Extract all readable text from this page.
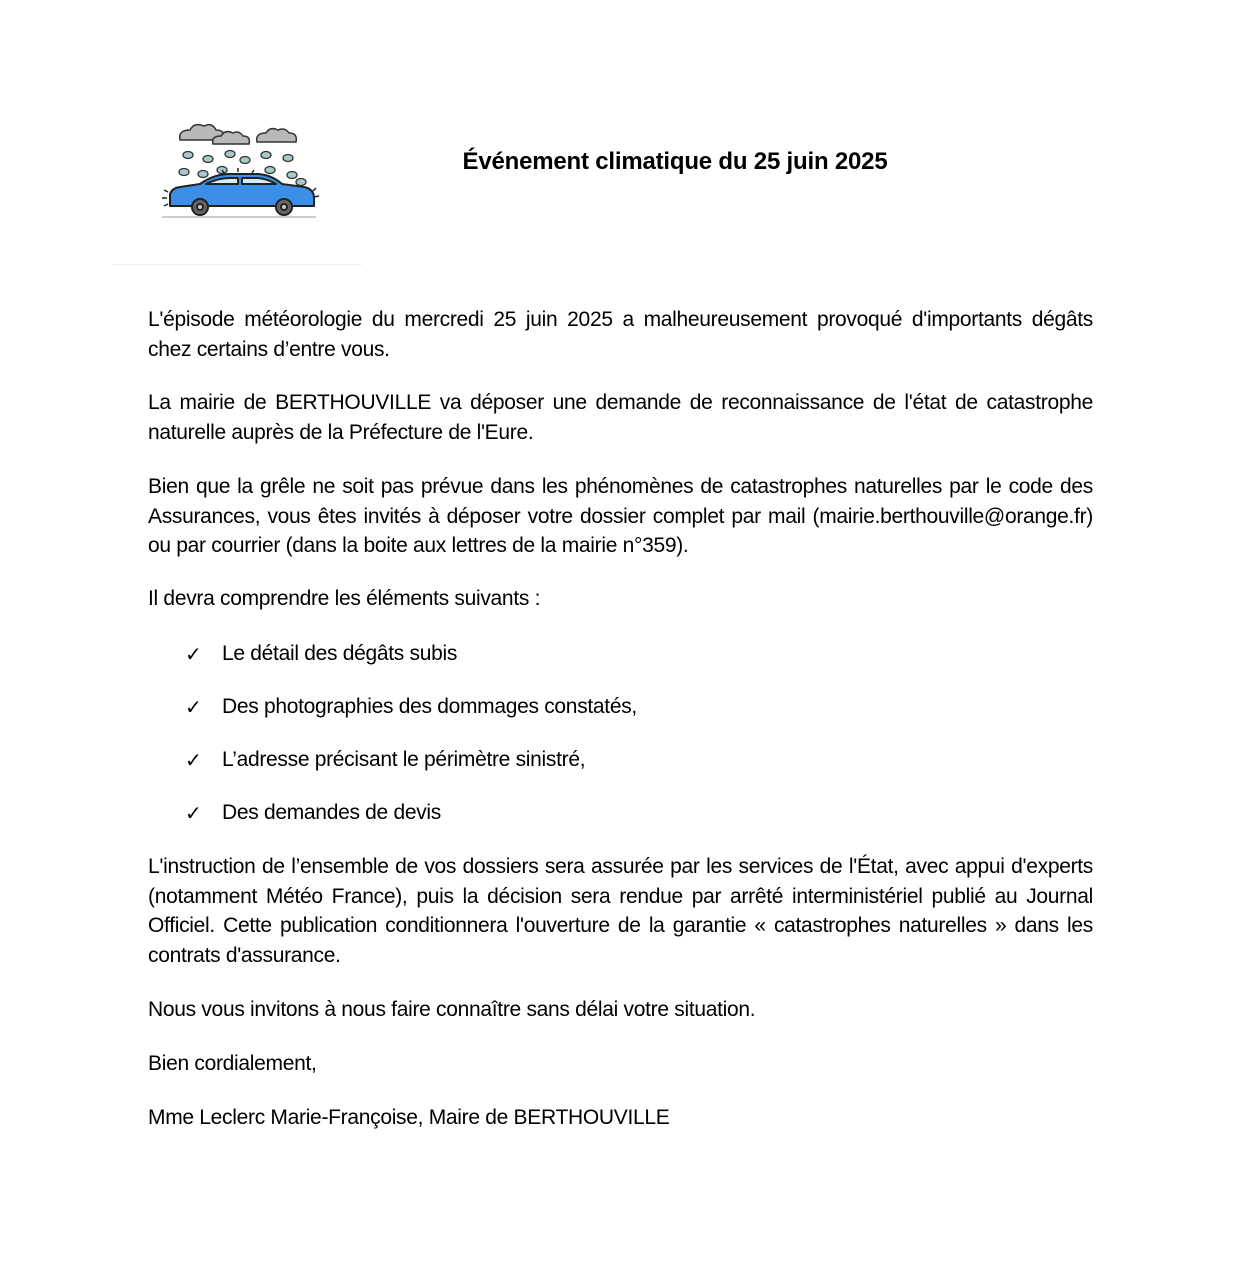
Événement climatique du 25 juin 2025

L'épisode météorologie du mercredi 25 juin 2025 a malheureusement provoqué d'importants dégâts chez certains d’entre vous.

La mairie de BERTHOUVILLE va déposer une demande de reconnaissance de l'état de catastrophe naturelle auprès de la Préfecture de l'Eure.

Bien que la grêle ne soit pas prévue dans les phénomènes de catastrophes naturelles par le code des Assurances, vous êtes invités à déposer votre dossier complet par mail (mairie.berthouville@orange.fr) ou par courrier (dans la boite aux lettres de la mairie n°359).

Il devra comprendre les éléments suivants :

✓ Le détail des dégâts subis
✓ Des photographies des dommages constatés,
✓ L’adresse précisant le périmètre sinistré,
✓ Des demandes de devis

L'instruction de l’ensemble de vos dossiers sera assurée par les services de l'État, avec appui d'experts (notamment Météo France), puis la décision sera rendue par arrêté interministériel publié au Journal Officiel. Cette publication conditionnera l'ouverture de la garantie « catastrophes naturelles » dans les contrats d'assurance.

Nous vous invitons à nous faire connaître sans délai votre situation.

Bien cordialement,

Mme Leclerc Marie-Françoise, Maire de BERTHOUVILLE
